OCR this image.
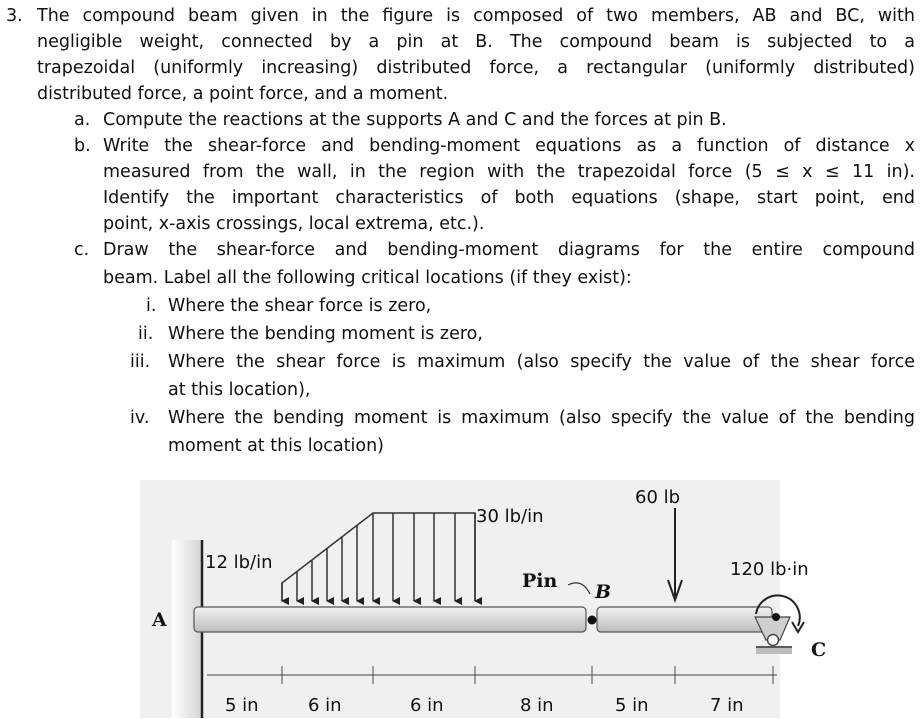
3. The compound beam given in the figure is composed of two members, AB and BC, with
negligible weight, connected by a pin at B. The compound beam is subjected to a
trapezoidal (uniformly increasing) distributed force, a rectangular (uniformly distributed)
distributed force, a point force, and a moment.
a. Compute the reactions at the supports A and C and the forces at pin B.
b. Write the shear-force and bending-moment equations as a function of distance x
measured from the wall, in the region with the trapezoidal force (5 ≤ x ≤ 11 in).
Identify the important characteristics of both equations (shape, start point, end
point, x-axis crossings, local extrema, etc.).
c. Draw the shear-force and bending-moment diagrams for the entire compound
beam. Label all the following critical locations (if they exist):
i. Where the shear force is zero,
ii. Where the bending moment is zero,
iii. Where the shear force is maximum (also specify the value of the shear force
at this location),
iv. Where the bending moment is maximum (also specify the value of the bending
moment at this location)
60 lb
30 lb/in
12 lb/in	120 lb·in
Pin B
A
C
5 in	6 in	6 in	8 in	5 in	7 in
